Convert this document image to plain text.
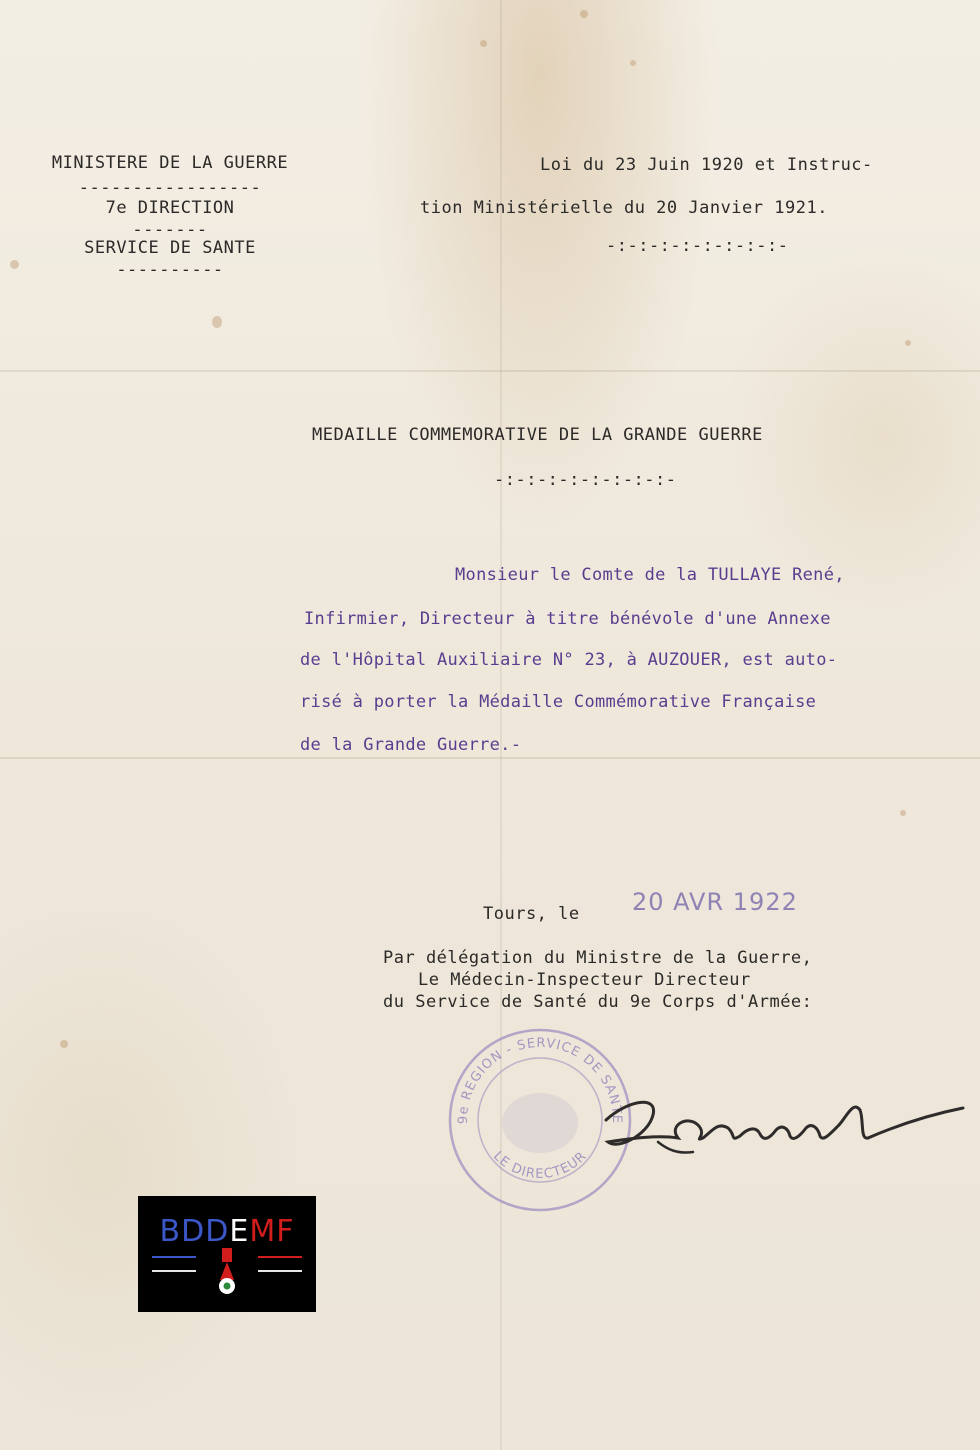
MINISTERE DE LA GUERRE
-----------------
7e DIRECTION
-------
SERVICE DE SANTE
----------
Loi du 23 Juin 1920 et Instruc-
tion Ministérielle du 20 Janvier 1921.
-:-:-:-:-:-:-:-:-
MEDAILLE COMMEMORATIVE DE LA GRANDE GUERRE
-:-:-:-:-:-:-:-:-
Monsieur le Comte de la TULLAYE René,
Infirmier, Directeur à titre bénévole d'une Annexe
de l'Hôpital Auxiliaire N° 23, à AUZOUER, est auto-
risé à porter la Médaille Commémorative Française
de la Grande Guerre.-
Tours, le 20 AVR 1922
Par délégation du Ministre de la Guerre,
Le Médecin-Inspecteur Directeur
du Service de Santé du 9e Corps d'Armée:
9e REGION - SERVICE DE SANTE
LE DIRECTEUR
BDDEMF
